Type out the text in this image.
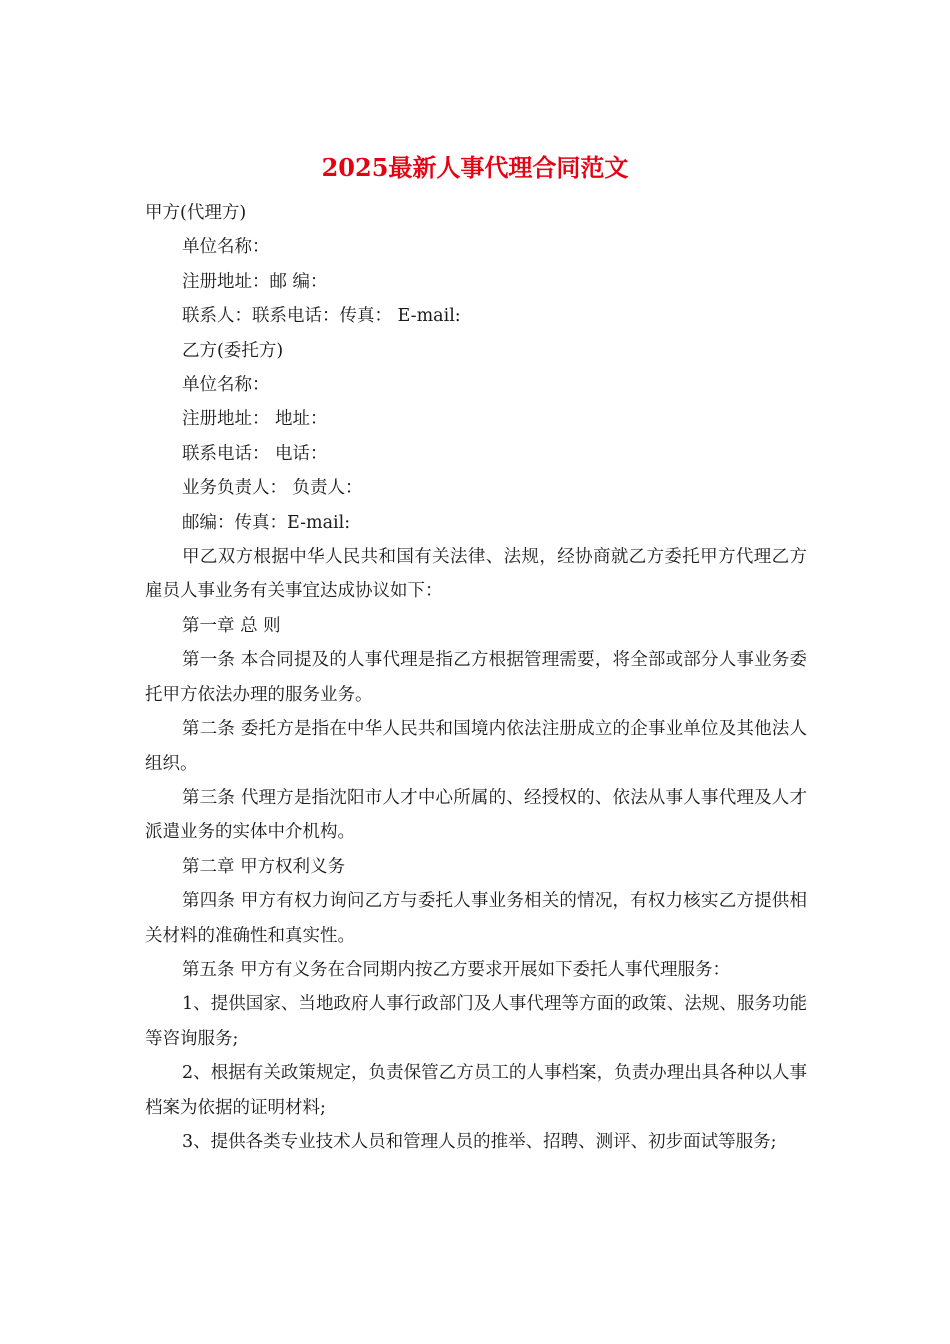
2025最新人事代理合同范文

甲方(代理方)

单位名称：

注册地址：邮 编：

联系人：联系电话：传真： E-mail:

乙方(委托方)

单位名称：

注册地址： 地址：

联系电话： 电话：

业务负责人： 负责人：

邮编：传真：E-mail:

甲乙双方根据中华人民共和国有关法律、法规，经协商就乙方委托甲方代理乙方雇员人事业务有关事宜达成协议如下：

第一章 总 则

第一条 本合同提及的人事代理是指乙方根据管理需要，将全部或部分人事业务委托甲方依法办理的服务业务。

第二条 委托方是指在中华人民共和国境内依法注册成立的企事业单位及其他法人组织。

第三条 代理方是指沈阳市人才中心所属的、经授权的、依法从事人事代理及人才派遣业务的实体中介机构。

第二章 甲方权利义务

第四条 甲方有权力询问乙方与委托人事业务相关的情况，有权力核实乙方提供相关材料的准确性和真实性。

第五条 甲方有义务在合同期内按乙方要求开展如下委托人事代理服务：

1、提供国家、当地政府人事行政部门及人事代理等方面的政策、法规、服务功能等咨询服务;

2、根据有关政策规定，负责保管乙方员工的人事档案，负责办理出具各种以人事档案为依据的证明材料;

3、提供各类专业技术人员和管理人员的推举、招聘、测评、初步面试等服务;
